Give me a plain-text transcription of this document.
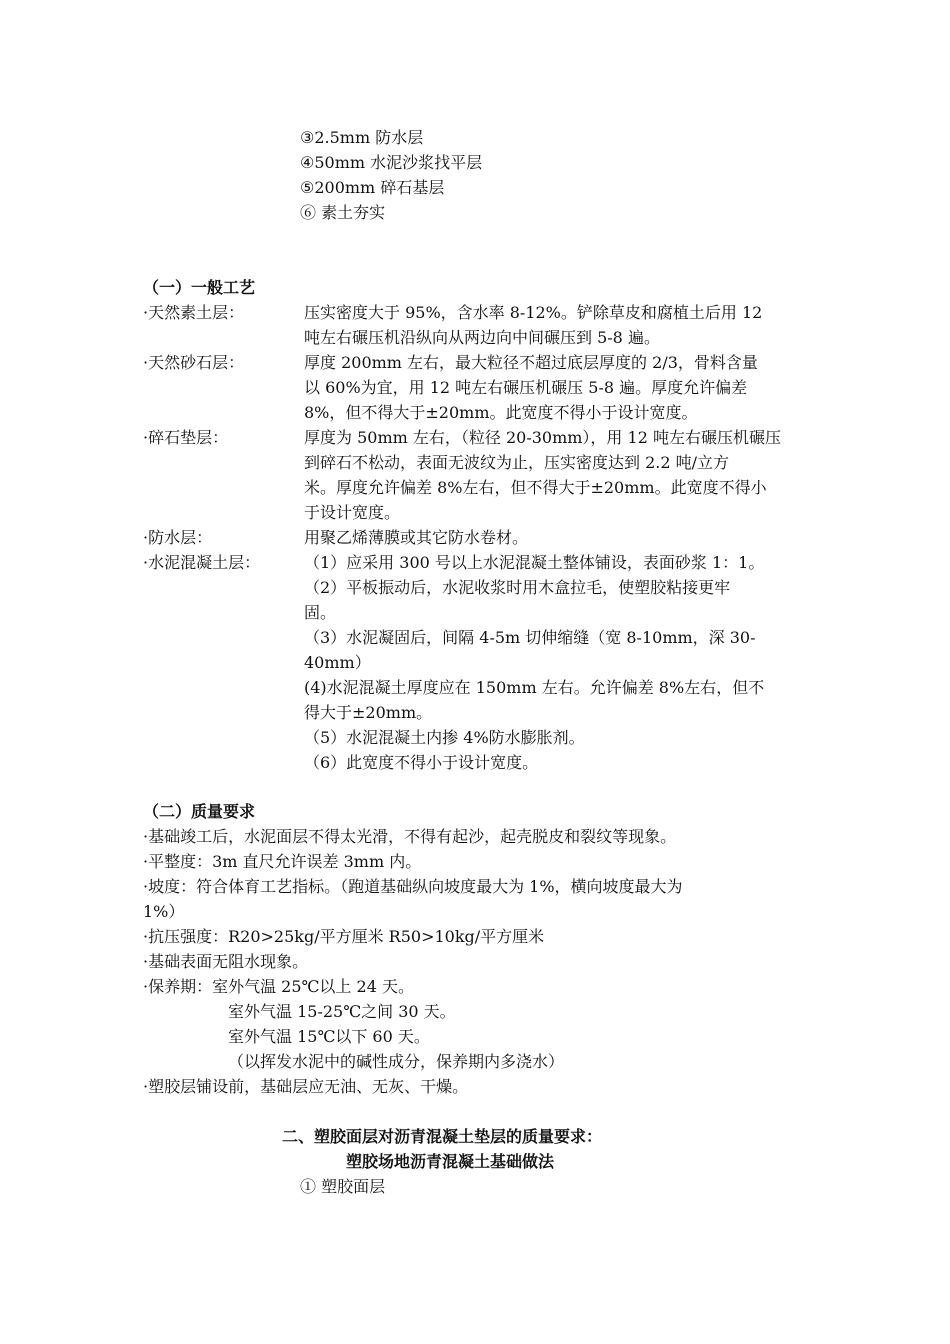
③2.5mm 防水层
④50mm 水泥沙浆找平层
⑤200mm 碎石基层
⑥ 素土夯实
（一）一般工艺
·天然素土层：	压实密度大于 95%，含水率 8-12%。铲除草皮和腐植土后用 12
吨左右碾压机沿纵向从两边向中间碾压到 5-8 遍。
·天然砂石层：	厚度 200mm 左右，最大粒径不超过底层厚度的 2/3，骨料含量
以 60%为宜，用 12 吨左右碾压机碾压 5-8 遍。厚度允许偏差
8%，但不得大于±20mm。此宽度不得小于设计宽度。
·碎石垫层：	厚度为 50mm 左右，（粒径 20-30mm），用 12 吨左右碾压机碾压
到碎石不松动，表面无波纹为止，压实密度达到 2.2 吨/立方
米。厚度允许偏差 8%左右，但不得大于±20mm。此宽度不得小
于设计宽度。
·防水层：	用聚乙烯薄膜或其它防水卷材。
·水泥混凝土层：	（1）应采用 300 号以上水泥混凝土整体铺设，表面砂浆 1：1。
（2）平板振动后，水泥收浆时用木盒拉毛，使塑胶粘接更牢
固。
（3）水泥凝固后，间隔 4-5m 切伸缩缝（宽 8-10mm，深 30-
40mm）
(4)水泥混凝土厚度应在 150mm 左右。允许偏差 8%左右，但不
得大于±20mm。
（5）水泥混凝土内掺 4%防水膨胀剂。
（6）此宽度不得小于设计宽度。
（二）质量要求
·基础竣工后，水泥面层不得太光滑，不得有起沙，起壳脱皮和裂纹等现象。
·平整度：3m 直尺允许误差 3mm 内。
·坡度：符合体育工艺指标。（跑道基础纵向坡度最大为 1%，横向坡度最大为
1%）
·抗压强度：R20>25kg/平方厘米 R50>10kg/平方厘米
·基础表面无阻水现象。
·保养期：室外气温 25℃以上 24 天。
室外气温 15-25℃之间 30 天。
室外气温 15℃以下 60 天。
（以挥发水泥中的碱性成分，保养期内多浇水）
·塑胶层铺设前，基础层应无油、无灰、干燥。
二、塑胶面层对沥青混凝土垫层的质量要求：
塑胶场地沥青混凝土基础做法
① 塑胶面层
